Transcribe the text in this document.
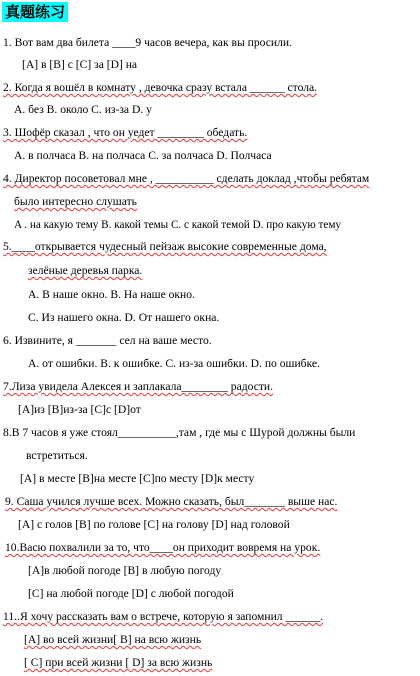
真题练习
1. Вот вам два билета ____9 часов вечера, как вы просили.
[A] в [B] с [C] за [D] на
2. Когда я вошёл в комнату , девочка сразу встала ______ стола.
A. без B. около C. из-за D. у
3. Шофёр сказал , что он уедет ________ обедать.
A. в полчаса B. на полчаса C. за полчаса D. Полчаса
4. Директор посоветовал мне , __________ сделать доклад ,чтобы ребятам
было интересно слушать
A . на какую тему B. какой темы C. с какой темой D. про какую тему
5.____открывается чудесный пейзаж высокие современные дома,
зелёные деревья парка.
A. В наше окно. B. На наше окно.
C. Из нашего окна. D. От нашего окна.
6. Извините, я _______ сел на ваше место.
A. от ошибки. B. к ошибке. C. из-за ошибки. D. по ошибке.
7.Лиза увидела Алексея и заплакала________ радости.
[A]из [B]из-за [C]с [D]от
8.В 7 часов я уже стоял__________,там , где мы с Шурой должны были
встретиться.
[A] в месте [B]на месте [C]по месту [D]к месту
9. Саша учился лучше всех. Можно сказать, был_______ выше нас.
[A] с голов [B] по голове [C] на голову [D] над головой
10.Васю похвалили за то, что____он приходит вовремя на урок.
[A]в любой погоде [B] в любую погоду
[C] на любой погоде [D] с любой погодой
11..Я хочу рассказать вам о встрече, которую я запомнил ______.
[A] во всей жизни[ B] на всю жизнь
[ C] при всей жизни [ D] за всю жизнь
